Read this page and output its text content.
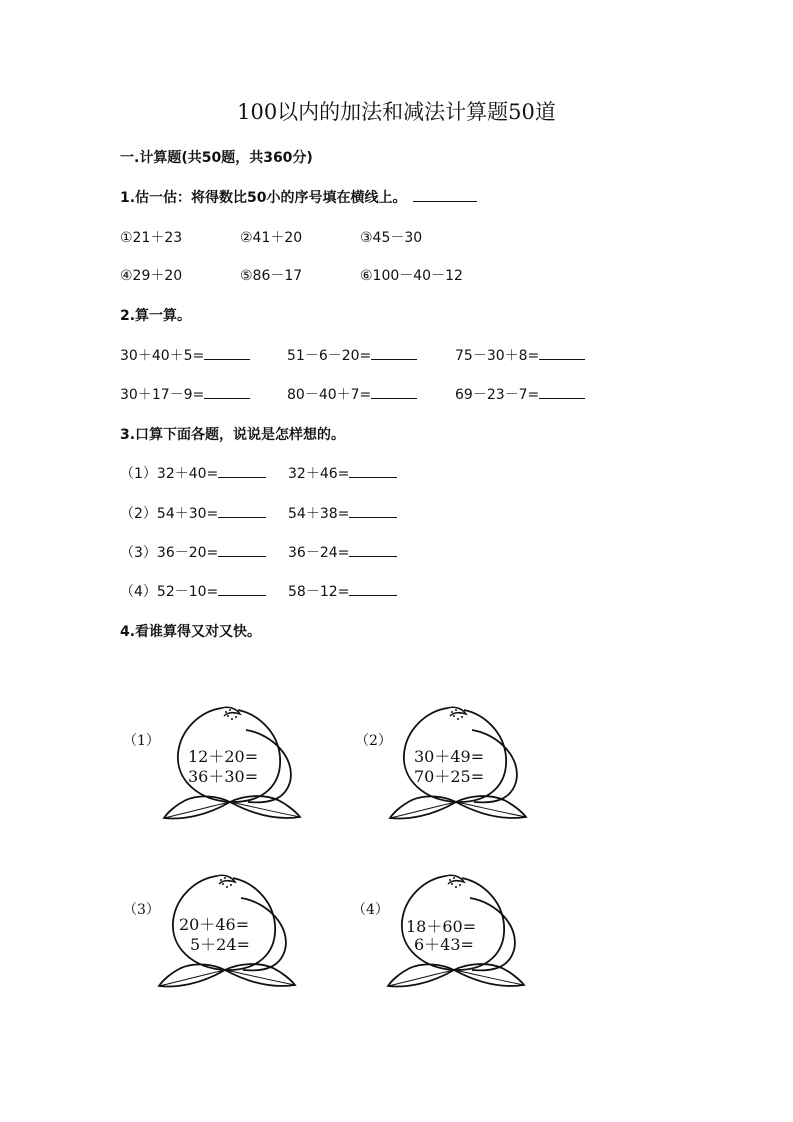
100以内的加法和减法计算题50道
一.计算题(共50题，共360分)
1.估一估：将得数比50小的序号填在横线上。
①21＋23	②41＋20	③45－30
④29＋20	⑤86－17	⑥100－40－12
2.算一算。
30＋40＋5=	51－6－20=	75－30＋8=
30＋17－9=	80－40＋7=	69－23－7=
3.口算下面各题，说说是怎样想的。
（1）32＋40=	32＋46=
（2）54＋30=	54＋38=
（3）36－20=	36－24=
（4）52－10=	58－12=
4.看谁算得又对又快。
（1）
12＋20=
36＋30=
（2）
30＋49=
70＋25=
（3）
20＋46=
5＋24=
（4）
18＋60=
6＋43=
